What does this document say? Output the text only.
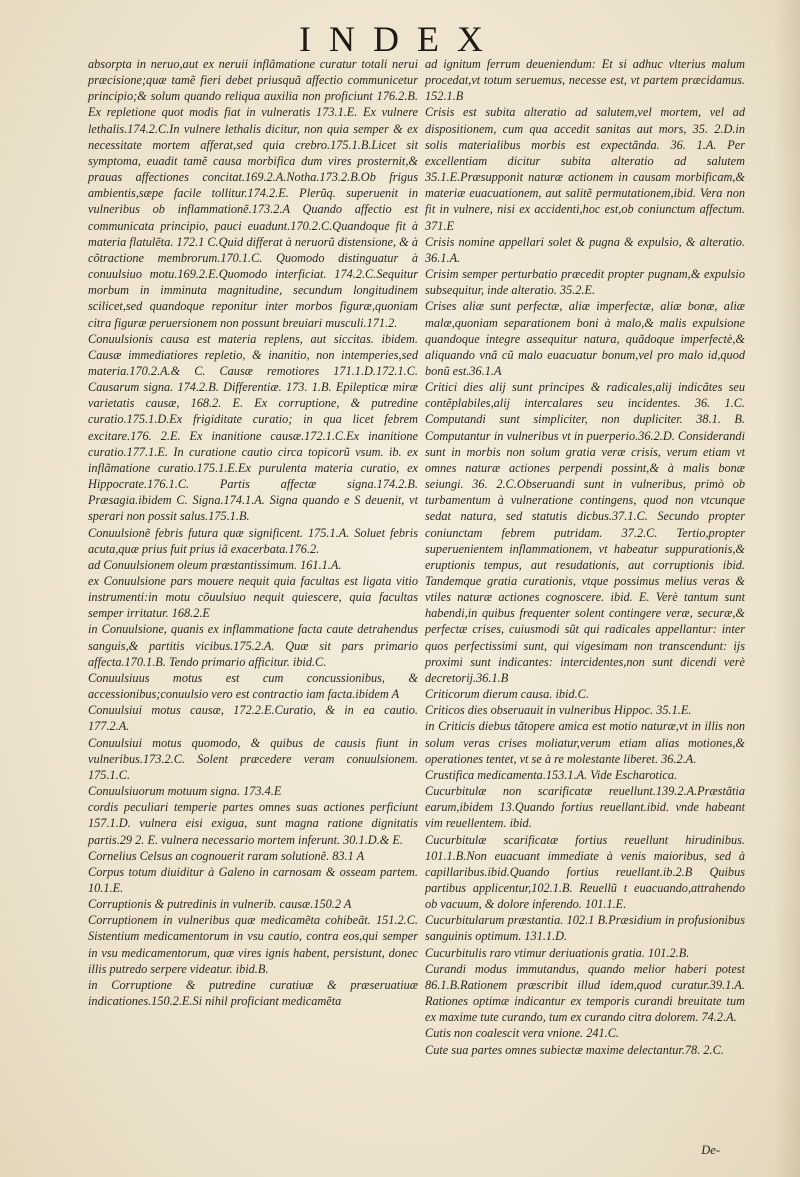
INDEX

absorpta in neruo,aut ex neruii inflãmatione curatur totali nerui præcisione;quæ tamẽ fieri debet priusquã affectio communicetur principio;& solum quando reliqua auxilia non proficiunt 176.2.B. Ex repletione quot modis fiat in vulneratis 173.1.E. Ex vulnere lethalis.174.2.C.In vulnere lethalis dicitur, non quia semper & ex necessitate mortem afferat,sed quia crebro.175.1.B.Licet sit symptoma, euadit tamẽ causa morbifica dum vires prosternit,& prauas affectiones concitat.169.2.A.Notha.173.2.B.Ob frigus ambientis,sæpe facile tollitur.174.2.E. Plerũq. superuenit in vulneribus ob inflammationẽ.173.2.A Quando affectio est communicata principio, pauci euadunt.170.2.C.Quandoque fit à materia flatulẽta. 172.1 C.Quid differat à neruorũ distensione, & à cõtractione membrorum.170.1.C. Quomodo distinguatur à conuulsiuo motu.169.2.E.Quomodo interficiat. 174.2.C.Sequitur morbum in imminuta magnitudine, secundum longitudinem scilicet,sed quandoque reponitur inter morbos figuræ,quoniam citra figuræ peruersionem non possunt breuiari musculi.171.2.

Conuulsionis causa est materia replens, aut siccitas. ibidem. Causæ immediatiores repletio, & inanitio, non intemperies,sed materia.170.2.A.& C. Causæ remotiores 171.1.D.172.1.C. Causarum signa. 174.2.B. Differentiæ. 173. 1.B. Epilepticæ miræ varietatis causæ, 168.2. E. Ex corruptione, & putredine curatio.175.1.D.Ex frigiditate curatio; in qua licet febrem excitare.176. 2.E. Ex inanitione causæ.172.1.C.Ex inanitione curatio.177.1.E. In curatione cautio circa topicorũ vsum. ib. ex inflãmatione curatio.175.1.E.Ex purulenta materia curatio, ex Hippocrate.176.1.C. Partis affectæ signa.174.2.B. Præsagia.ibidem C. Signa.174.1.A. Signa quando e S deuenit, vt sperari non possit salus.175.1.B.

Conuulsionẽ febris futura quæ significent. 175.1.A. Soluet febris acuta,quæ prius fuit prius iã exacerbata.176.2.

ad Conuulsionem oleum præstantissimum. 161.1.A.

ex Conuulsione pars mouere nequit quia facultas est ligata vitio instrumenti:in motu cõuulsiuo nequit quiescere, quia facultas semper irritatur. 168.2.E

in Conuulsione, quanis ex inflammatione facta caute detrahendus sanguis,& partitis vicibus.175.2.A. Quæ sit pars primario affecta.170.1.B. Tendo primario afficitur. ibid.C.

Conuulsiuus motus est cum concussionibus, & accessionibus;conuulsio vero est contractio iam facta.ibidem A

Conuulsiui motus causæ, 172.2.E.Curatio, & in ea cautio. 177.2.A.

Conuulsiui motus quomodo, & quibus de causis fiunt in vulneribus.173.2.C. Solent præcedere veram conuulsionem. 175.1.C.

Conuulsiuorum motuum signa. 173.4.E

cordis peculiari temperie partes omnes suas actiones perficiunt 157.1.D. vulnera eisi exigua, sunt magna ratione dignitatis partis.29 2. E. vulnera necessario mortem inferunt. 30.1.D.& E.

Cornelius Celsus an cognouerit raram solutionẽ. 83.1 A

Corpus totum diuiditur à Galeno in carnosam & osseam partem. 10.1.E.

Corruptionis & putredinis in vulnerib. causæ.150.2 A

Corruptionem in vulneribus quæ medicamẽta cohibeãt. 151.2.C. Sistentium medicamentorum in vsu cautio, contra eos,qui semper in vsu medicamentorum, quæ vires ignis habent, persistunt, donec illis putredo serpere videatur. ibid.B.

in Corruptione & putredine curatiuæ & præseruatiuæ indicationes.150.2.E.Si nihil proficiant medicamẽta

ad ignitum ferrum deueniendum: Et si adhuc vlterius malum procedat,vt totum seruemus, necesse est, vt partem præcidamus. 152.1.B

Crisis est subita alteratio ad salutem,vel mortem, vel ad dispositionem, cum qua accedit sanitas aut mors, 35. 2.D.in solis materialibus morbis est expectãnda. 36. 1.A. Per excellentiam dicitur subita alteratio ad salutem 35.1.E.Præsupponit naturæ actionem in causam morbificam,& materiæ euacuationem, aut salitẽ permutationem,ibid. Vera non fit in vulnere, nisi ex accidenti,hoc est,ob coniunctum affectum. 371.E

Crisis nomine appellari solet & pugna & expulsio, & alteratio. 36.1.A.

Crisim semper perturbatio præcedit propter pugnam,& expulsio subsequitur, inde alteratio. 35.2.E.

Crises aliæ sunt perfectæ, aliæ imperfectæ, aliæ bonæ, aliæ malæ,quoniam separationem boni à malo,& malis expulsione quandoque integre assequitur natura, quãdoque imperfectè,& aliquando vnã cũ malo euacuatur bonum,vel pro malo id,quod bonũ est.36.1.A

Critici dies alij sunt principes & radicales,alij indicãtes seu contẽplabiles,alij intercalares seu incidentes. 36. 1.C. Computandi sunt simpliciter, non dupliciter. 38.1. B. Computantur in vulneribus vt in puerperio.36.2.D. Considerandi sunt in morbis non solum gratia veræ crisis, verum etiam vt omnes naturæ actiones perpendi possint,& à malis bonæ seiungi. 36. 2.C.Obseruandi sunt in vulneribus, primò ob turbamentum à vulneratione contingens, quod non vtcunque sedat natura, sed statutis dicbus.37.1.C. Secundo propter coniunctam febrem putridam. 37.2.C. Tertio,propter superuenientem inflammationem, vt habeatur suppurationis,& eruptionis tempus, aut resudationis, aut corruptionis ibid. Tandemque gratia curationis, vtque possimus melius veras & vtiles naturæ actiones cognoscere. ibid. E. Verè tantum sunt habendi,in quibus frequenter solent contingere veræ, securæ,& perfectæ crises, cuiusmodi sũt qui radicales appellantur: inter quos perfectissimi sunt, qui vigesimam non transcendunt: ijs proximi sunt indicantes: intercidentes,non sunt dicendi verè decretorij.36.1.B

Criticorum dierum causa. ibid.C.

Criticos dies obseruauit in vulneribus Hippoc. 35.1.E.

in Criticis diebus tãtopere amica est motio naturæ,vt in illis non solum veras crises moliatur,verum etiam alias motiones,& operationes tentet, vt se à re molestante liberet. 36.2.A.

Crustifica medicamenta.153.1.A. Vide Escharotica.

Cucurbitulæ non scarificatæ reuellunt.139.2.A.Præstãtia earum,ibidem 13.Quando fortius reuellant.ibid. vnde habeant vim reuellentem. ibid.

Cucurbitulæ scarificatæ fortius reuellunt hirudinibus. 101.1.B.Non euacuant immediate à venis maioribus, sed à capillaribus.ibid.Quando fortius reuellant.ib.2.B Quibus partibus applicentur,102.1.B. Reuellũ t euacuando,attrahendo ob vacuum, & dolore inferendo. 101.1.E.

Cucurbitularum præstantia. 102.1 B.Præsidium in profusionibus sanguinis optimum. 131.1.D.

Cucurbitulis raro vtimur deriuationis gratia. 101.2.B.

Curandi modus immutandus, quando melior haberi potest 86.1.B.Rationem præscribit illud idem,quod curatur.39.1.A. Rationes optimæ indicantur ex temporis curandi breuitate tum ex maxime tute curando, tum ex curando citra dolorem. 74.2.A.

Cutis non coalescit vera vnione. 241.C.

Cute sua partes omnes subiectæ maxime delectantur.78. 2.C.

De-
